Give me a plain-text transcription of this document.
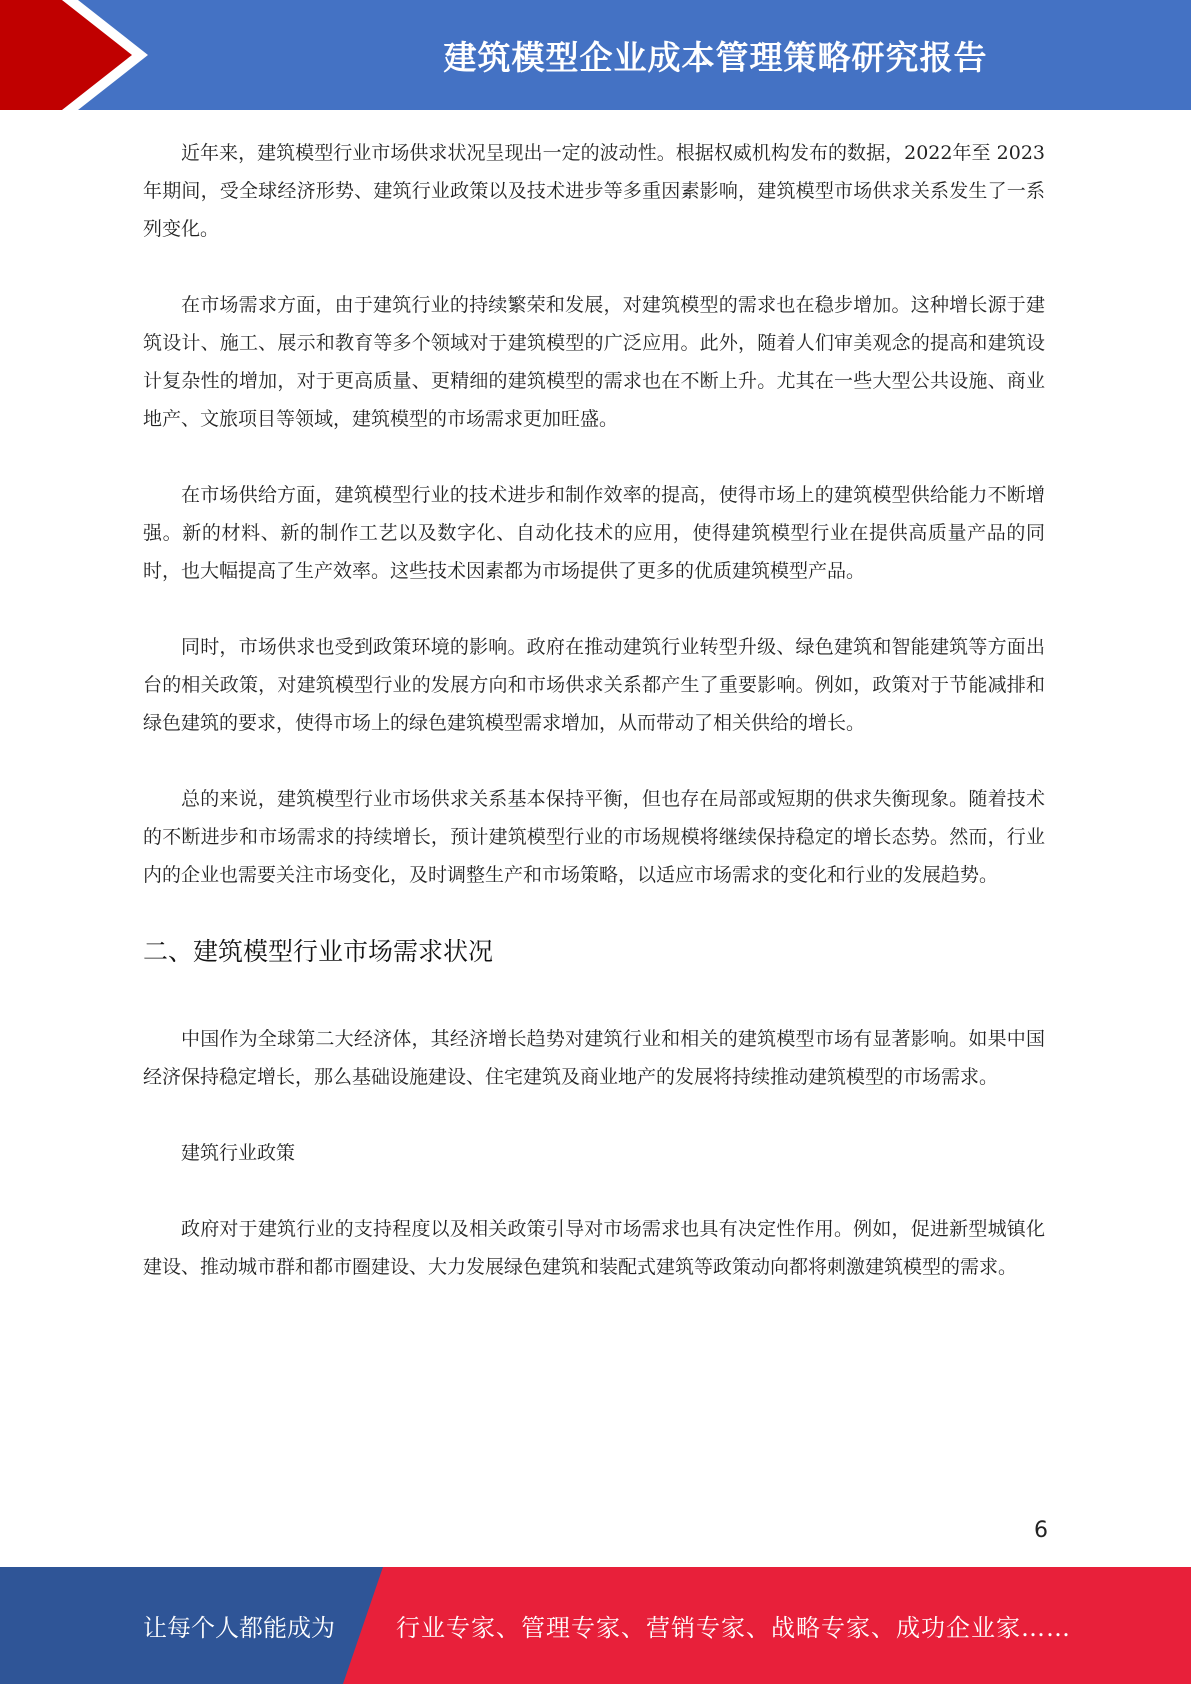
建筑模型企业成本管理策略研究报告

近年来，建筑模型行业市场供求状况呈现出一定的波动性。根据权威机构发布的数据，2022年至 2023 年期间，受全球经济形势、建筑行业政策以及技术进步等多重因素影响，建筑模型市场供求关系发生了一系列变化。

在市场需求方面，由于建筑行业的持续繁荣和发展，对建筑模型的需求也在稳步增加。这种增长源于建筑设计、施工、展示和教育等多个领域对于建筑模型的广泛应用。此外，随着人们审美观念的提高和建筑设计复杂性的增加，对于更高质量、更精细的建筑模型的需求也在不断上升。尤其在一些大型公共设施、商业地产、文旅项目等领域，建筑模型的市场需求更加旺盛。

在市场供给方面，建筑模型行业的技术进步和制作效率的提高，使得市场上的建筑模型供给能力不断增强。新的材料、新的制作工艺以及数字化、自动化技术的应用，使得建筑模型行业在提供高质量产品的同时，也大幅提高了生产效率。这些技术因素都为市场提供了更多的优质建筑模型产品。

同时，市场供求也受到政策环境的影响。政府在推动建筑行业转型升级、绿色建筑和智能建筑等方面出台的相关政策，对建筑模型行业的发展方向和市场供求关系都产生了重要影响。例如，政策对于节能减排和绿色建筑的要求，使得市场上的绿色建筑模型需求增加，从而带动了相关供给的增长。

总的来说，建筑模型行业市场供求关系基本保持平衡，但也存在局部或短期的供求失衡现象。随着技术的不断进步和市场需求的持续增长，预计建筑模型行业的市场规模将继续保持稳定的增长态势。然而，行业内的企业也需要关注市场变化，及时调整生产和市场策略，以适应市场需求的变化和行业的发展趋势。

二、建筑模型行业市场需求状况

中国作为全球第二大经济体，其经济增长趋势对建筑行业和相关的建筑模型市场有显著影响。如果中国经济保持稳定增长，那么基础设施建设、住宅建筑及商业地产的发展将持续推动建筑模型的市场需求。

建筑行业政策

政府对于建筑行业的支持程度以及相关政策引导对市场需求也具有决定性作用。例如，促进新型城镇化建设、推动城市群和都市圈建设、大力发展绿色建筑和装配式建筑等政策动向都将刺激建筑模型的需求。

6
让每个人都能成为	行业专家、管理专家、营销专家、战略专家、成功企业家……
